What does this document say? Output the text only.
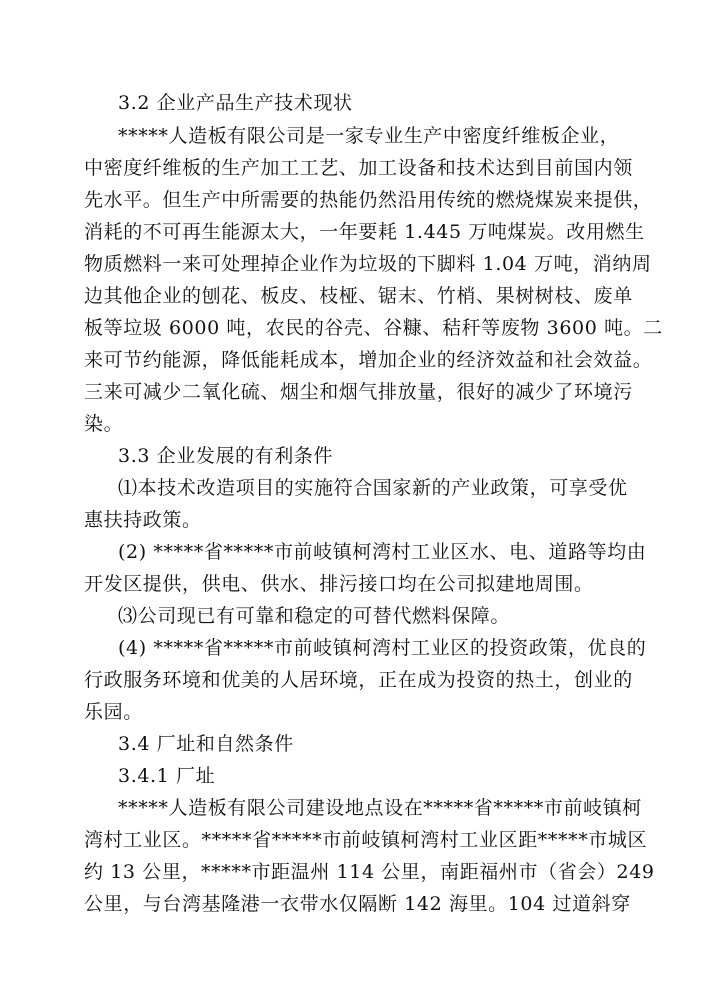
3.2 企业产品生产技术现状
*****人造板有限公司是一家专业生产中密度纤维板企业，
中密度纤维板的生产加工工艺、加工设备和技术达到目前国内领
先水平。但生产中所需要的热能仍然沿用传统的燃烧煤炭来提供，
消耗的不可再生能源太大，一年要耗 1.445 万吨煤炭。改用燃生
物质燃料一来可处理掉企业作为垃圾的下脚料 1.04 万吨，消纳周
边其他企业的刨花、板皮、枝桠、锯末、竹梢、果树树枝、废单
板等垃圾 6000 吨，农民的谷壳、谷糠、秸秆等废物 3600 吨。二
来可节约能源，降低能耗成本，增加企业的经济效益和社会效益。
三来可减少二氧化硫、烟尘和烟气排放量，很好的减少了环境污
染。
3.3 企业发展的有利条件
⑴本技术改造项目的实施符合国家新的产业政策，可享受优
惠扶持政策。
(2) *****省*****市前岐镇柯湾村工业区水、电、道路等均由
开发区提供，供电、供水、排污接口均在公司拟建地周围。
⑶公司现已有可靠和稳定的可替代燃料保障。
(4) *****省*****市前岐镇柯湾村工业区的投资政策，优良的
行政服务环境和优美的人居环境，正在成为投资的热土，创业的
乐园。
3.4 厂址和自然条件
3.4.1 厂址
*****人造板有限公司建设地点设在*****省*****市前岐镇柯
湾村工业区。*****省*****市前岐镇柯湾村工业区距*****市城区
约 13 公里，*****市距温州 114 公里，南距福州市（省会）249
公里，与台湾基隆港一衣带水仅隔断 142 海里。104 过道斜穿
